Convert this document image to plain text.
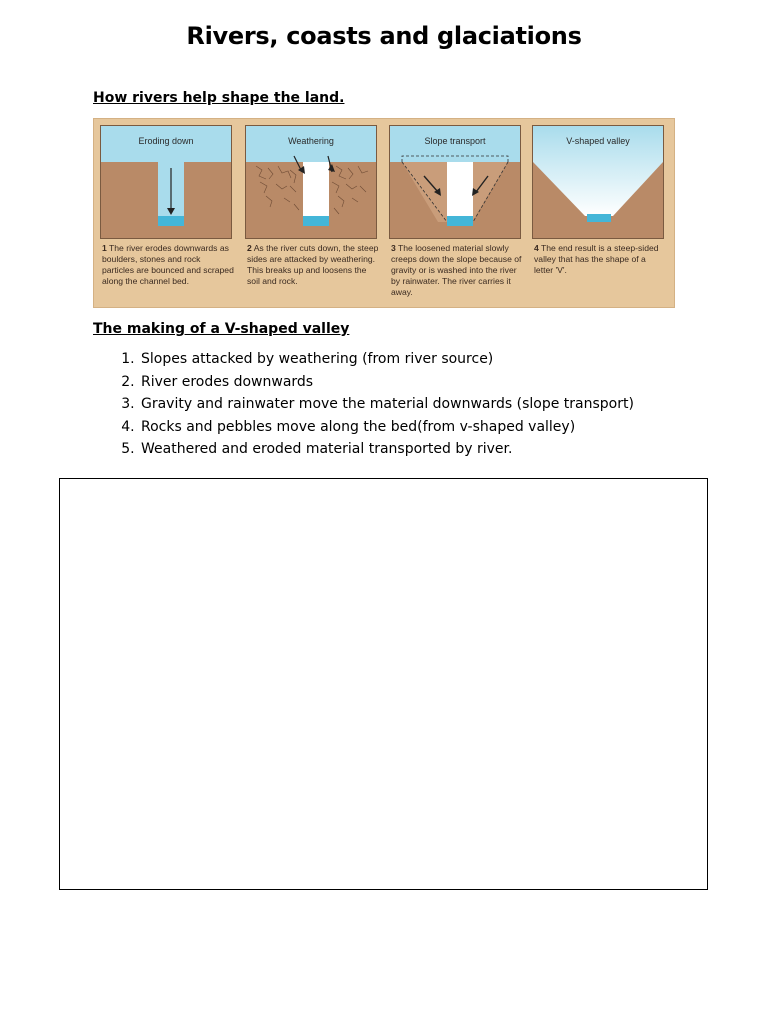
Rivers, coasts and glaciations
How rivers help shape the land.
Eroding down
1 The river erodes downwards as boulders, stones and rock particles are bounced and scraped along the channel bed.
Weathering
2 As the river cuts down, the steep sides are attacked by weathering. This breaks up and loosens the soil and rock.
Slope transport
3 The loosened material slowly creeps down the slope because of gravity or is washed into the river by rainwater. The river carries it away.
V-shaped valley
4 The end result is a steep-sided valley that has the shape of a letter 'V'.
The making of a V-shaped valley
1. Slopes attacked by weathering (from river source)
2. River erodes downwards
3. Gravity and rainwater move the material downwards (slope transport)
4. Rocks and pebbles move along the bed(from v-shaped valley)
5. Weathered and eroded material transported by river.
